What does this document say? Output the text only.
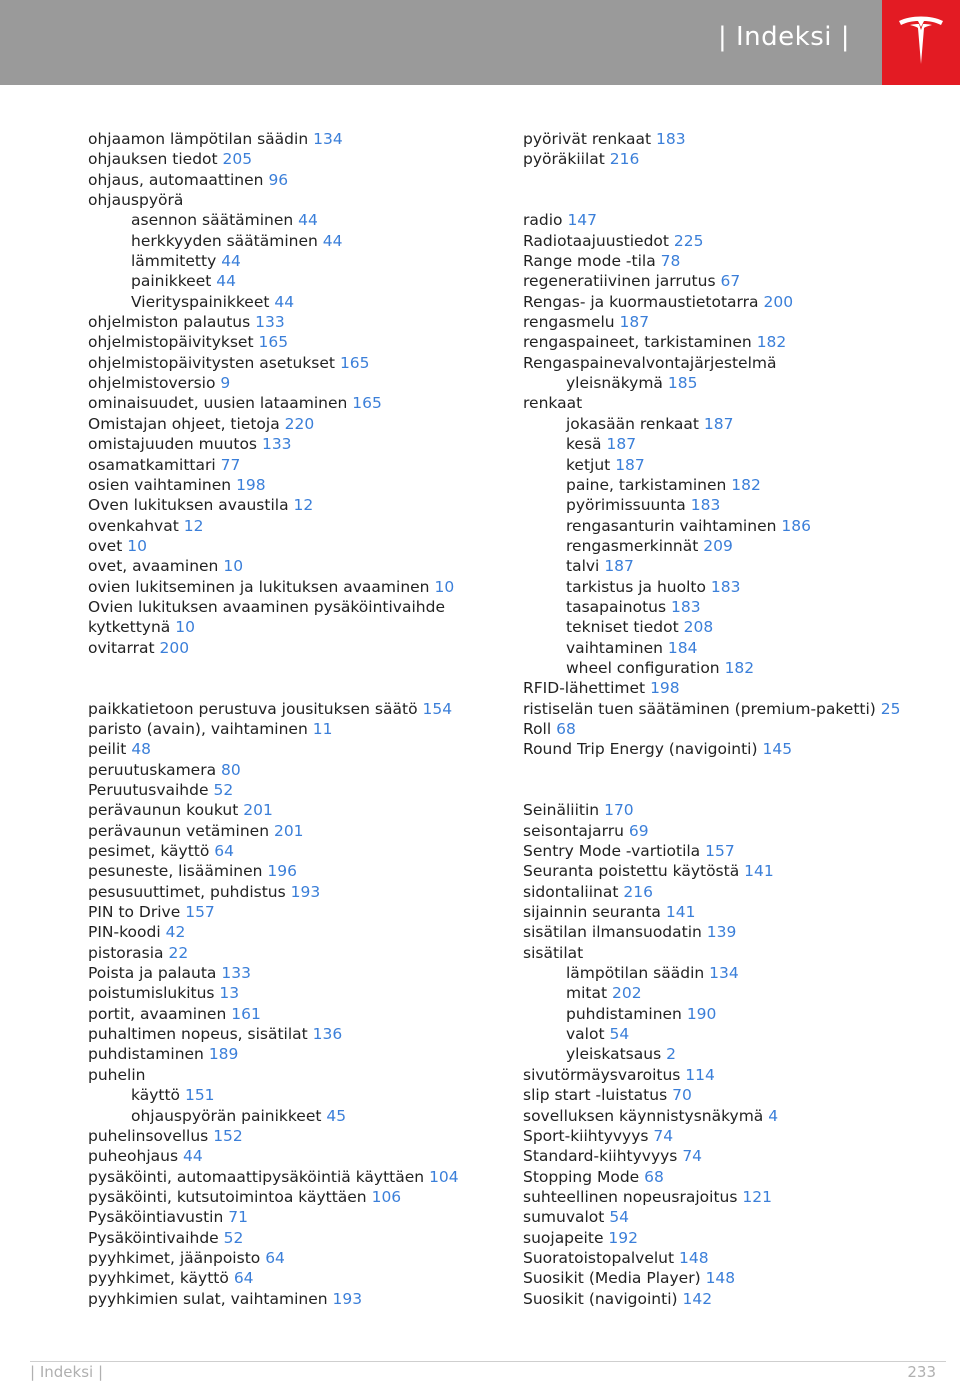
| Indeksi |
ohjaamon lämpötilan säädin 134
ohjauksen tiedot 205
ohjaus, automaattinen 96
ohjauspyörä
asennon säätäminen 44
herkkyyden säätäminen 44
lämmitetty 44
painikkeet 44
Vierityspainikkeet 44
ohjelmiston palautus 133
ohjelmistopäivitykset 165
ohjelmistopäivitysten asetukset 165
ohjelmistoversio 9
ominaisuudet, uusien lataaminen 165
Omistajan ohjeet, tietoja 220
omistajuuden muutos 133
osamatkamittari 77
osien vaihtaminen 198
Oven lukituksen avaustila 12
ovenkahvat 12
ovet 10
ovet, avaaminen 10
ovien lukitseminen ja lukituksen avaaminen 10
Ovien lukituksen avaaminen pysäköintivaihde kytkettynä 10
ovitarrat 200
paikkatietoon perustuva jousituksen säätö 154
paristo (avain), vaihtaminen 11
peilit 48
peruutuskamera 80
Peruutusvaihde 52
perävaunun koukut 201
perävaunun vetäminen 201
pesimet, käyttö 64
pesuneste, lisääminen 196
pesusuuttimet, puhdistus 193
PIN to Drive 157
PIN-koodi 42
pistorasia 22
Poista ja palauta 133
poistumislukitus 13
portit, avaaminen 161
puhaltimen nopeus, sisätilat 136
puhdistaminen 189
puhelin
käyttö 151
ohjauspyörän painikkeet 45
puhelinsovellus 152
puheohjaus 44
pysäköinti, automaattipysäköintiä käyttäen 104
pysäköinti, kutsutoimintoa käyttäen 106
Pysäköintiavustin 71
Pysäköintivaihde 52
pyyhkimet, jäänpoisto 64
pyyhkimet, käyttö 64
pyyhkimien sulat, vaihtaminen 193
pyörivät renkaat 183
pyöräkiilat 216
radio 147
Radiotaajuustiedot 225
Range mode -tila 78
regeneratiivinen jarrutus 67
Rengas- ja kuormaustietotarra 200
rengasmelu 187
rengaspaineet, tarkistaminen 182
Rengaspainevalvontajärjestelmä
yleisnäkymä 185
renkaat
jokasään renkaat 187
kesä 187
ketjut 187
paine, tarkistaminen 182
pyörimissuunta 183
rengasanturin vaihtaminen 186
rengasmerkinnät 209
talvi 187
tarkistus ja huolto 183
tasapainotus 183
tekniset tiedot 208
vaihtaminen 184
wheel configuration 182
RFID-lähettimet 198
ristiselän tuen säätäminen (premium-paketti) 25
Roll 68
Round Trip Energy (navigointi) 145
Seinäliitin 170
seisontajarru 69
Sentry Mode -vartiotila 157
Seuranta poistettu käytöstä 141
sidontaliinat 216
sijainnin seuranta 141
sisätilan ilmansuodatin 139
sisätilat
lämpötilan säädin 134
mitat 202
puhdistaminen 190
valot 54
yleiskatsaus 2
sivutörmäysvaroitus 114
slip start -luistatus 70
sovelluksen käynnistysnäkymä 4
Sport-kiihtyvyys 74
Standard-kiihtyvyys 74
Stopping Mode 68
suhteellinen nopeusrajoitus 121
sumuvalot 54
suojapeite 192
Suoratoistopalvelut 148
Suosikit (Media Player) 148
Suosikit (navigointi) 142
| Indeksi |	233
